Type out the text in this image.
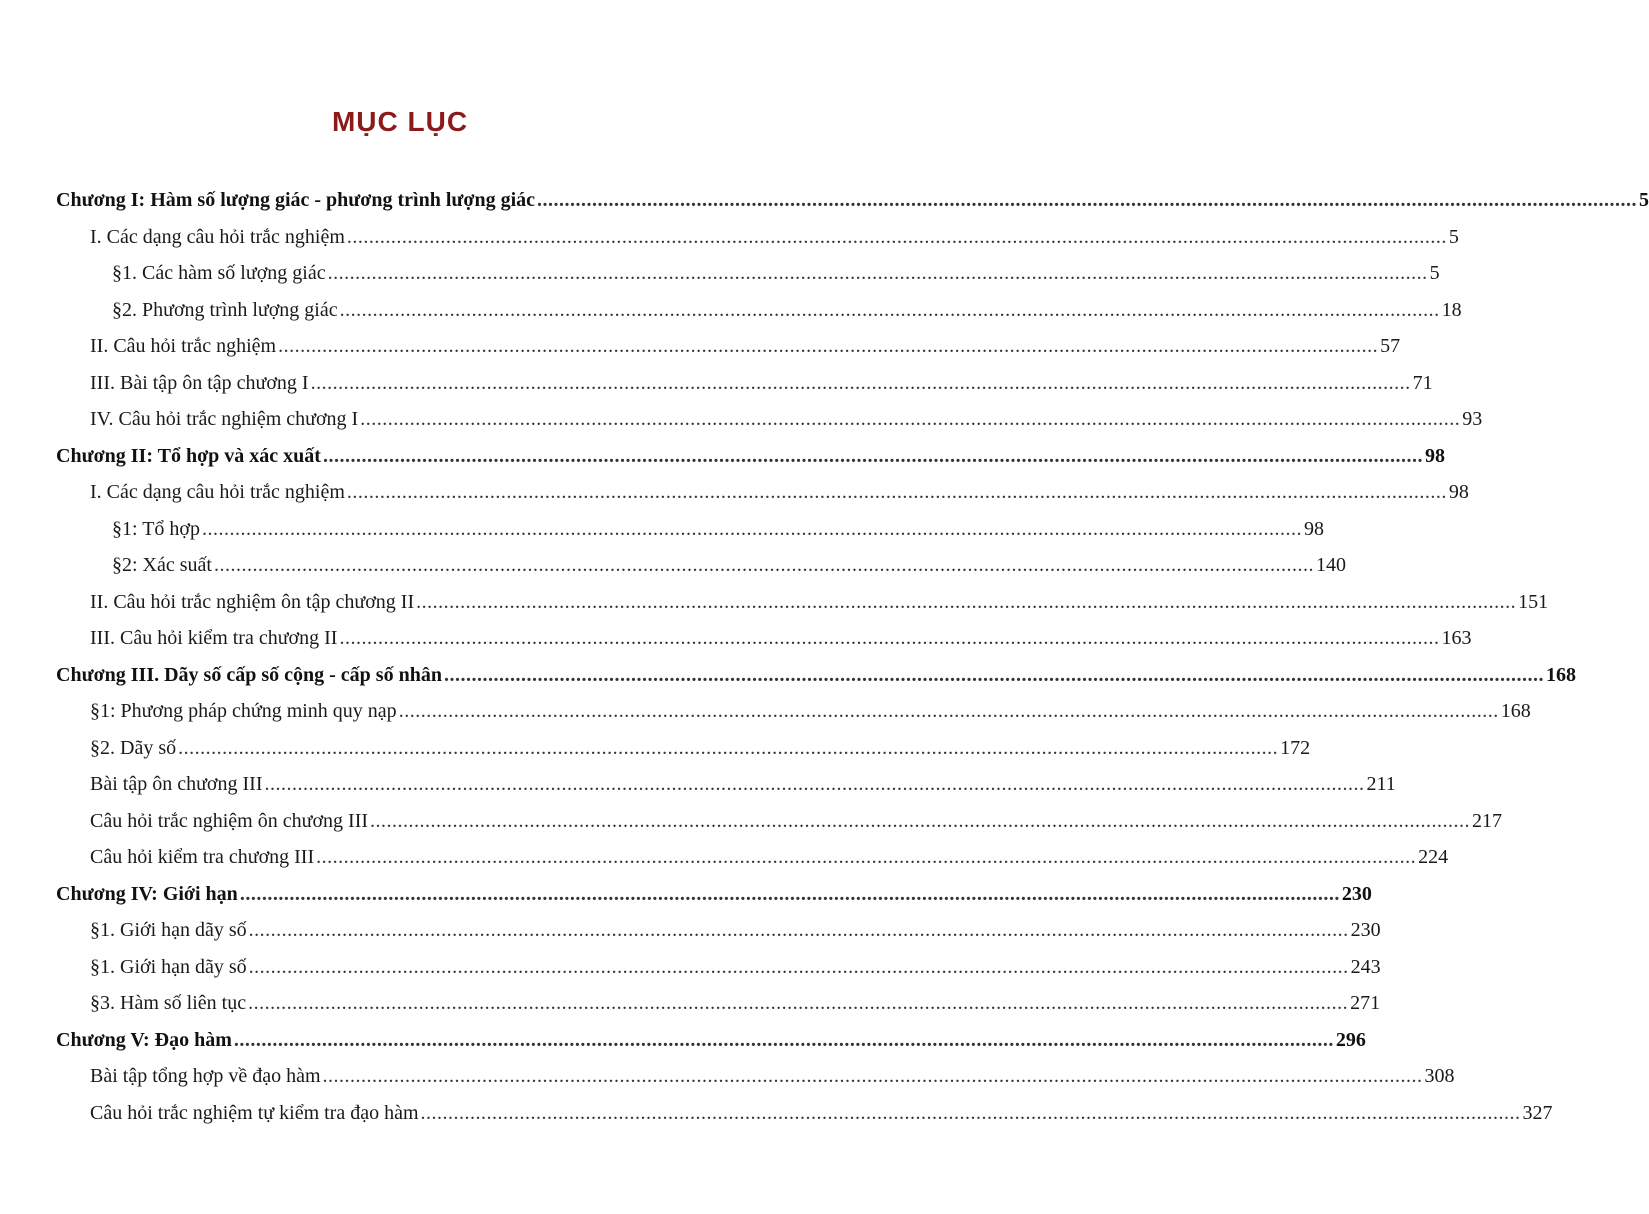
MỤC LỤC
Chương I: Hàm số lượng giác - phương trình lượng giác ........................................................................................................................................................................................................ 5
I. Các dạng câu hỏi trắc nghiệm ........................................................................................................................................................................................................ 5
§1. Các hàm số lượng giác ........................................................................................................................................................................................................ 5
§2. Phương trình lượng giác ........................................................................................................................................................................................................ 18
II. Câu hỏi trắc nghiệm ........................................................................................................................................................................................................ 57
III. Bài tập ôn tập chương I ........................................................................................................................................................................................................ 71
IV. Câu hỏi trắc nghiệm chương I ........................................................................................................................................................................................................ 93
Chương II: Tổ hợp và xác xuất ........................................................................................................................................................................................................ 98
I. Các dạng câu hỏi trắc nghiệm ........................................................................................................................................................................................................ 98
§1: Tổ hợp ........................................................................................................................................................................................................ 98
§2: Xác suất ........................................................................................................................................................................................................ 140
II. Câu hỏi trắc nghiệm ôn tập chương II ........................................................................................................................................................................................................ 151
III. Câu hỏi kiểm tra chương II ........................................................................................................................................................................................................ 163
Chương III. Dãy số cấp số cộng - cấp số nhân ........................................................................................................................................................................................................ 168
§1: Phương pháp chứng minh quy nạp ........................................................................................................................................................................................................ 168
§2. Dãy số ........................................................................................................................................................................................................ 172
Bài tập ôn chương III ........................................................................................................................................................................................................ 211
Câu hỏi trắc nghiệm ôn chương III ........................................................................................................................................................................................................ 217
Câu hỏi kiểm tra chương III ........................................................................................................................................................................................................ 224
Chương IV: Giới hạn ........................................................................................................................................................................................................ 230
§1. Giới hạn dãy số ........................................................................................................................................................................................................ 230
§1. Giới hạn dãy số ........................................................................................................................................................................................................ 243
§3. Hàm số liên tục ........................................................................................................................................................................................................ 271
Chương V: Đạo hàm ........................................................................................................................................................................................................ 296
Bài tập tổng hợp về đạo hàm ........................................................................................................................................................................................................ 308
Câu hỏi trắc nghiệm tự kiểm tra đạo hàm ........................................................................................................................................................................................................ 327
